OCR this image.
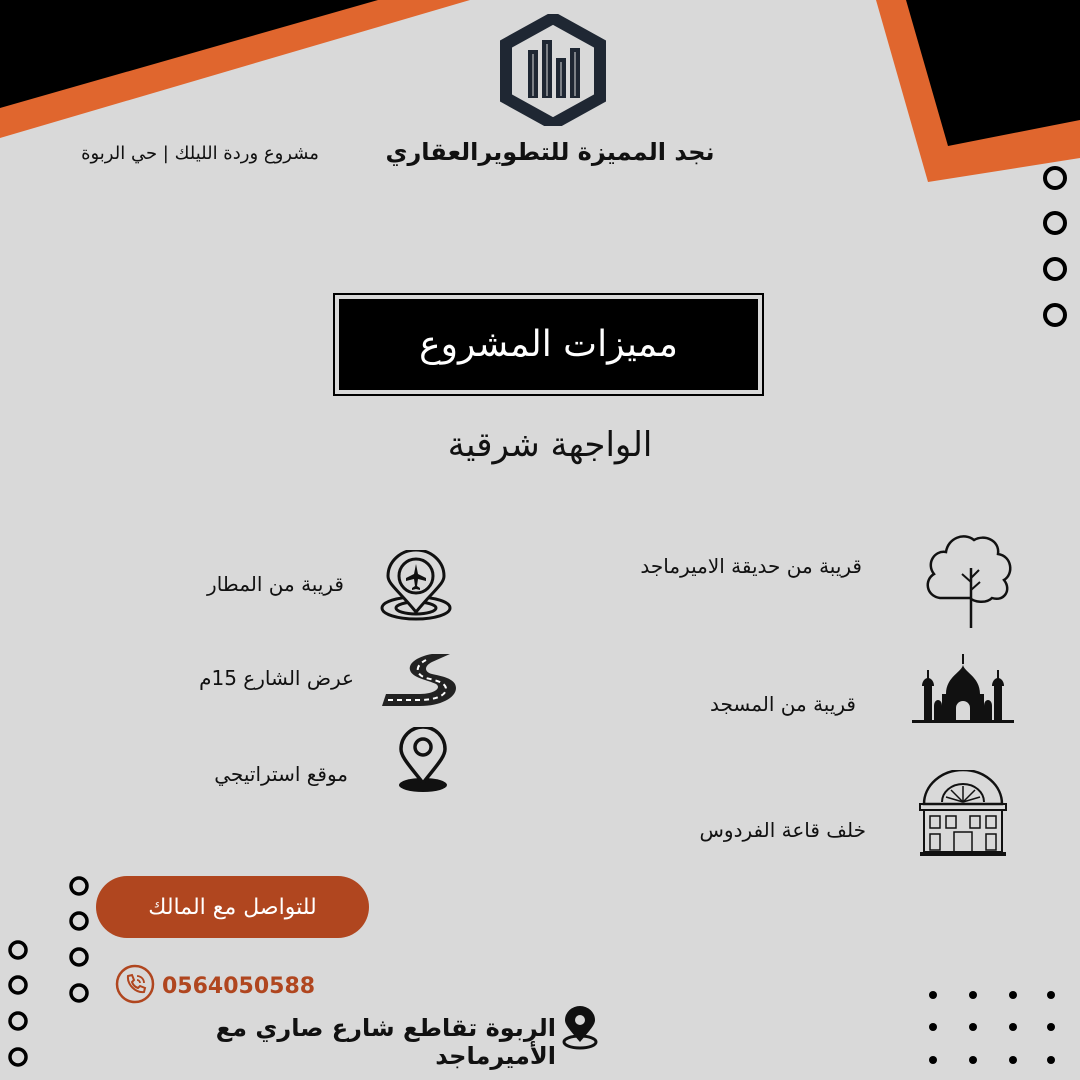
نجد المميزة للتطويرالعقاري
مشروع وردة الليلك | حي الربوة
مميزات المشروع
الواجهة شرقية
قريبة من المطار
عرض الشارع 15م
موقع استراتيجي
قريبة من حديقة الاميرماجد
قريبة من المسجد
خلف قاعة الفردوس
للتواصل مع المالك
0564050588
الربوة تقاطع شارع صاري مع الأميرماجد
